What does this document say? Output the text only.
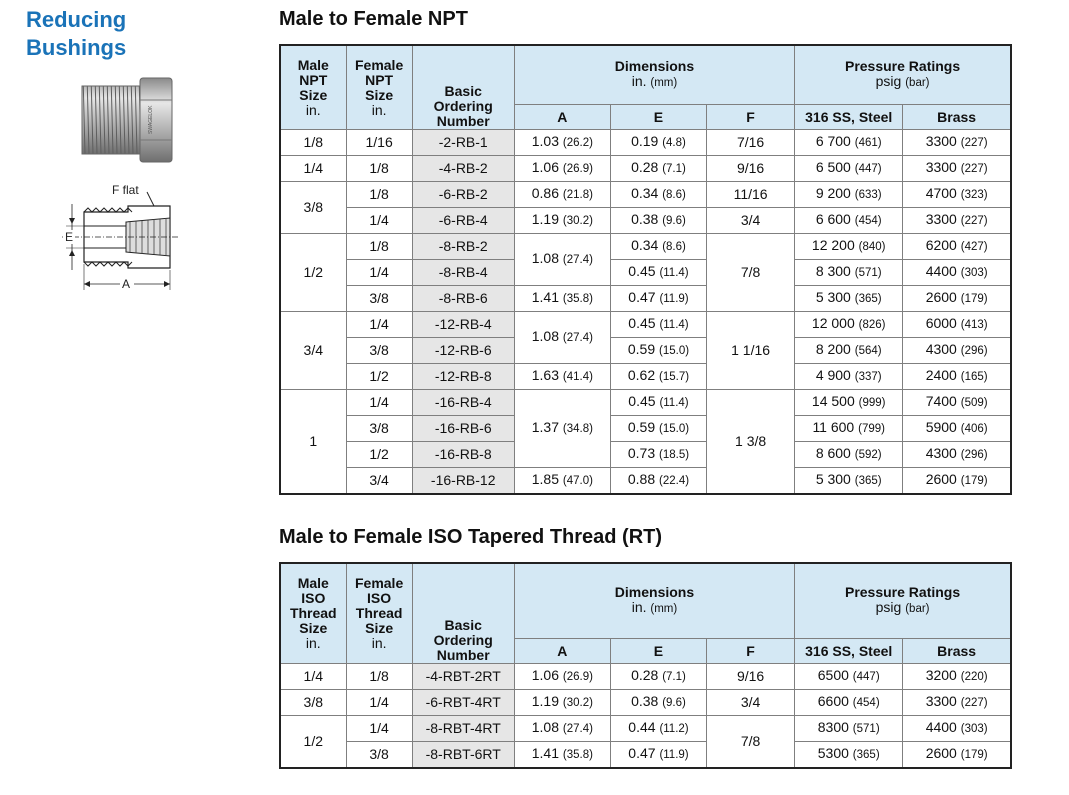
Reducing
Bushings
SWAGELOK
F flat
E
A
Male to Female NPT
Male
NPT
Size
in.	Female
NPT
Size
in.	Basic
Ordering
Number	Dimensions
in. (mm)			Pressure Ratings
psig (bar)	
			A	E	F	316 SS, Steel	Brass
1/8	1/16	-2-RB-1	1.03 (26.2)	0.19 (4.8)	7/16	6 700 (461)	3300 (227)
1/4	1/8	-4-RB-2	1.06 (26.9)	0.28 (7.1)	9/16	6 500 (447)	3300 (227)
3/8	1/8	-6-RB-2	0.86 (21.8)	0.34 (8.6)	11/16	9 200 (633)	4700 (323)
	1/4	-6-RB-4	1.19 (30.2)	0.38 (9.6)	3/4	6 600 (454)	3300 (227)
1/2	1/8	-8-RB-2	1.08 (27.4)	0.34 (8.6)	7/8	12 200 (840)	6200 (427)
	1/4	-8-RB-4		0.45 (11.4)		8 300 (571)	4400 (303)
	3/8	-8-RB-6	1.41 (35.8)	0.47 (11.9)		5 300 (365)	2600 (179)
3/4	1/4	-12-RB-4	1.08 (27.4)	0.45 (11.4)	1 1/16	12 000 (826)	6000 (413)
	3/8	-12-RB-6		0.59 (15.0)		8 200 (564)	4300 (296)
	1/2	-12-RB-8	1.63 (41.4)	0.62 (15.7)		4 900 (337)	2400 (165)
1	1/4	-16-RB-4	1.37 (34.8)	0.45 (11.4)	1 3/8	14 500 (999)	7400 (509)
	3/8	-16-RB-6		0.59 (15.0)		11 600 (799)	5900 (406)
	1/2	-16-RB-8		0.73 (18.5)		8 600 (592)	4300 (296)
	3/4	-16-RB-12	1.85 (47.0)	0.88 (22.4)		5 300 (365)	2600 (179)
Male to Female ISO Tapered Thread (RT)
Male
ISO
Thread
Size
in.	Female
ISO
Thread
Size
in.	Basic
Ordering
Number	Dimensions
in. (mm)			Pressure Ratings
psig (bar)	
			A	E	F	316 SS, Steel	Brass
1/4	1/8	-4-RBT-2RT	1.06 (26.9)	0.28 (7.1)	9/16	6500 (447)	3200 (220)
3/8	1/4	-6-RBT-4RT	1.19 (30.2)	0.38 (9.6)	3/4	6600 (454)	3300 (227)
1/2	1/4	-8-RBT-4RT	1.08 (27.4)	0.44 (11.2)	7/8	8300 (571)	4400 (303)
	3/8	-8-RBT-6RT	1.41 (35.8)	0.47 (11.9)		5300 (365)	2600 (179)
